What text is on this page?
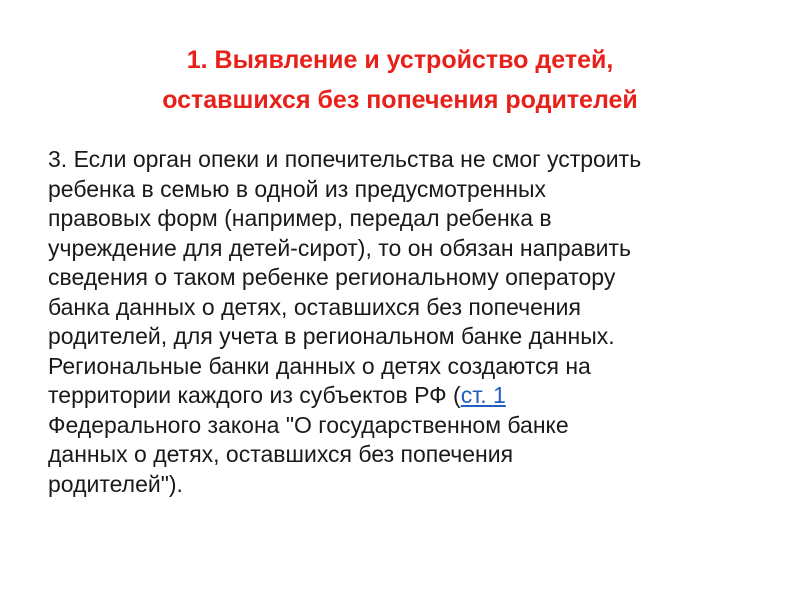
1. Выявление и устройство детей,
оставшихся без попечения родителей
3. Если орган опеки и попечительства не смог устроить
ребенка в семью в одной из предусмотренных
правовых форм (например, передал ребенка в
учреждение для детей-сирот), то он обязан направить
сведения о таком ребенке региональному оператору
банка данных о детях, оставшихся без попечения
родителей, для учета в региональном банке данных.
Региональные банки данных о детях создаются на
территории каждого из субъектов РФ (ст. 1
Федерального закона "О государственном банке
данных о детях, оставшихся без попечения
родителей").
